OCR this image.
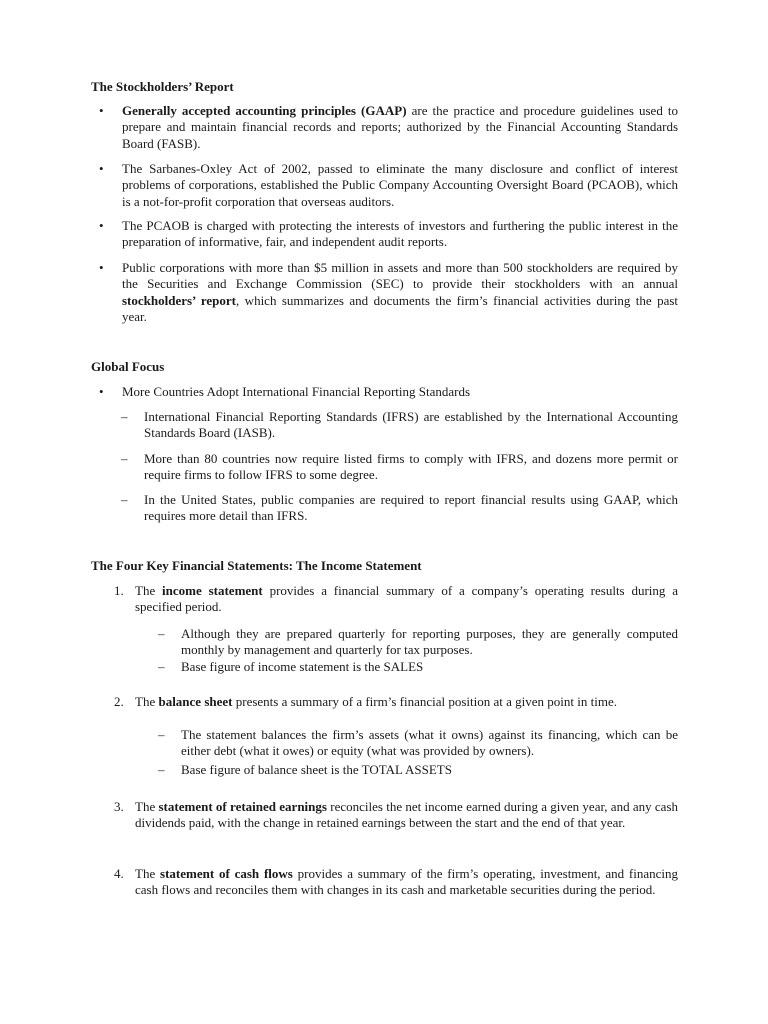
The Stockholders’ Report
• Generally accepted accounting principles (GAAP) are the practice and procedure guidelines used to prepare and maintain financial records and reports; authorized by the Financial Accounting Standards Board (FASB).

• The Sarbanes-Oxley Act of 2002, passed to eliminate the many disclosure and conflict of interest problems of corporations, established the Public Company Accounting Oversight Board (PCAOB), which is a not-for-profit corporation that overseas auditors.

• The PCAOB is charged with protecting the interests of investors and furthering the public interest in the preparation of informative, fair, and independent audit reports.

• Public corporations with more than $5 million in assets and more than 500 stockholders are required by the Securities and Exchange Commission (SEC) to provide their stockholders with an annual stockholders’ report, which summarizes and documents the firm’s financial activities during the past year.

Global Focus
• More Countries Adopt International Financial Reporting Standards

– International Financial Reporting Standards (IFRS) are established by the International Accounting Standards Board (IASB).

– More than 80 countries now require listed firms to comply with IFRS, and dozens more permit or require firms to follow IFRS to some degree.

– In the United States, public companies are required to report financial results using GAAP, which requires more detail than IFRS.

The Four Key Financial Statements: The Income Statement
1. The income statement provides a financial summary of a company’s operating results during a specified period.

– Although they are prepared quarterly for reporting purposes, they are generally computed monthly by management and quarterly for tax purposes.

– Base figure of income statement is the SALES

2. The balance sheet presents a summary of a firm’s financial position at a given point in time.

– The statement balances the firm’s assets (what it owns) against its financing, which can be either debt (what it owes) or equity (what was provided by owners).

– Base figure of balance sheet is the TOTAL ASSETS

3. The statement of retained earnings reconciles the net income earned during a given year, and any cash dividends paid, with the change in retained earnings between the start and the end of that year.

4. The statement of cash flows provides a summary of the firm’s operating, investment, and financing cash flows and reconciles them with changes in its cash and marketable securities during the period.
